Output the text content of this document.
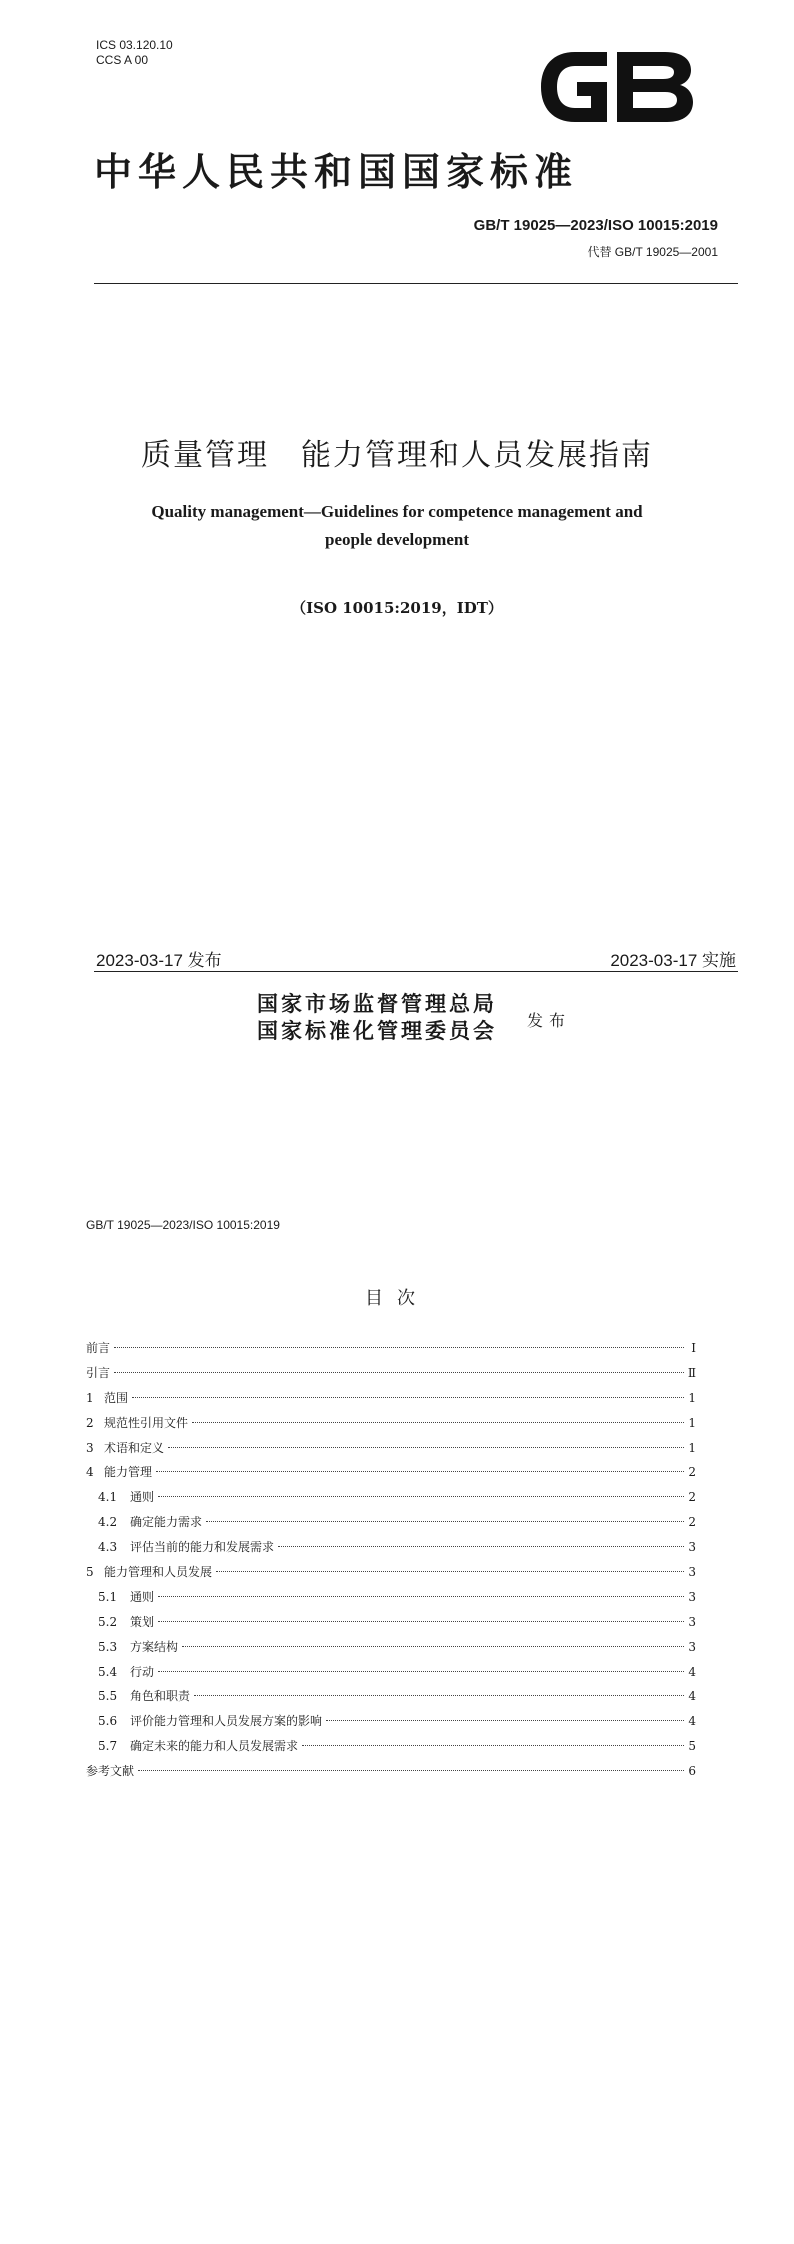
ICS 03.120.10
CCS A 00
中华人民共和国国家标准
GB/T 19025—2023/ISO 10015:2019
代替 GB/T 19025—2001
质量管理　能力管理和人员发展指南
Quality management—Guidelines for competence management and
people development
（ISO 10015:2019，IDT）
2023-03-17 发布	2023-03-17 实施
国家市场监督管理总局
国家标准化管理委员会 发布
GB/T 19025—2023/ISO 10015:2019
目次
前言	Ⅰ
引言	Ⅱ
1 范围	1
2 规范性引用文件	1
3 术语和定义	1
4 能力管理	2
4.1	通则	2
4.2	确定能力需求	2
4.3	评估当前的能力和发展需求	3
5 能力管理和人员发展	3
5.1	通则	3
5.2	策划	3
5.3	方案结构	3
5.4	行动	4
5.5	角色和职责	4
5.6	评价能力管理和人员发展方案的影响	4
5.7	确定未来的能力和人员发展需求	5
参考文献	6
